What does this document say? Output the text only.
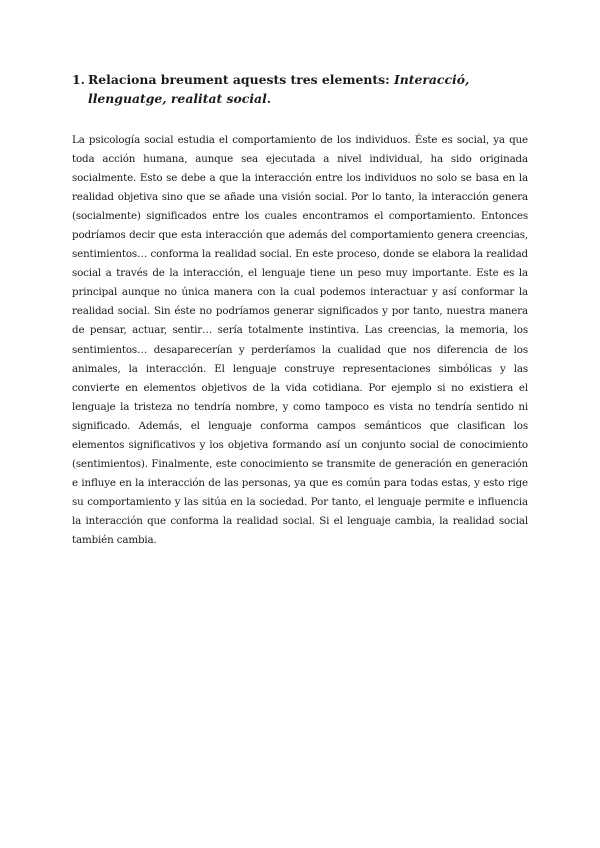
1. Relaciona breument aquests tres elements: Interacció, llenguatge, realitat social.

La psicología social estudia el comportamiento de los individuos. Éste es social, ya que toda acción humana, aunque sea ejecutada a nivel individual, ha sido originada socialmente. Esto se debe a que la interacción entre los individuos no solo se basa en la realidad objetiva sino que se añade una visión social. Por lo tanto, la interacción genera (socialmente) significados entre los cuales encontramos el comportamiento. Entonces podríamos decir que esta interacción que además del comportamiento genera creencias, sentimientos… conforma la realidad social. En este proceso, donde se elabora la realidad social a través de la interacción, el lenguaje tiene un peso muy importante. Este es la principal aunque no única manera con la cual podemos interactuar y así conformar la realidad social. Sin éste no podríamos generar significados y por tanto, nuestra manera de pensar, actuar, sentir… sería totalmente instintiva. Las creencias, la memoria, los sentimientos… desaparecerían y perderíamos la cualidad que nos diferencia de los animales, la interacción. El lenguaje construye representaciones simbólicas y las convierte en elementos objetivos de la vida cotidiana. Por ejemplo si no existiera el lenguaje la tristeza no tendría nombre, y como tampoco es vista no tendría sentido ni significado. Además, el lenguaje conforma campos semánticos que clasifican los elementos significativos y los objetiva formando así un conjunto social de conocimiento (sentimientos). Finalmente, este conocimiento se transmite de generación en generación e influye en la interacción de las personas, ya que es común para todas estas, y esto rige su comportamiento y las sitúa en la sociedad. Por tanto, el lenguaje permite e influencia la interacción que conforma la realidad social. Si el lenguaje cambia, la realidad social también cambia.
